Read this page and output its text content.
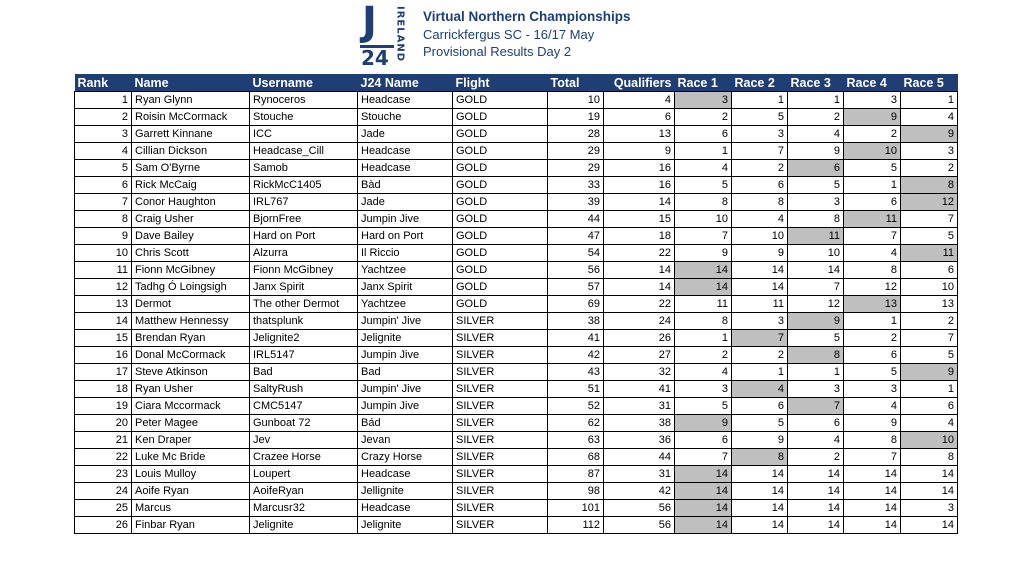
J
24 IRELAND Virtual Northern Championships
Carrickfergus SC - 16/17 May
Provisional Results Day 2
Rank	Name	Username	J24 Name	Flight	Total	Qualifiers	Race 1	Race 2	Race 3	Race 4	Race 5
1	Ryan Glynn	Rynoceros	Headcase	GOLD	10	4	3	1	1	3	1
2	Roisin McCormack	Stouche	Stouche	GOLD	19	6	2	5	2	9	4
3	Garrett Kinnane	ICC	Jade	GOLD	28	13	6	3	4	2	9
4	Cillian Dickson	Headcase_Cill	Headcase	GOLD	29	9	1	7	9	10	3
5	Sam O'Byrne	Samob	Headcase	GOLD	29	16	4	2	6	5	2
6	Rick McCaig	RickMcC1405	Bàd	GOLD	33	16	5	6	5	1	8
7	Conor Haughton	IRL767	Jade	GOLD	39	14	8	8	3	6	12
8	Craig Usher	BjornFree	Jumpin Jive	GOLD	44	15	10	4	8	11	7
9	Dave Bailey	Hard on Port	Hard on Port	GOLD	47	18	7	10	11	7	5
10	Chris Scott	Alzurra	Il Riccio	GOLD	54	22	9	9	10	4	11
11	Fionn McGibney	Fionn McGibney	Yachtzee	GOLD	56	14	14	14	14	8	6
12	Tadhg Ó Loingsigh	Janx Spirit	Janx Spirit	GOLD	57	14	14	14	7	12	10
13	Dermot	The other Dermot	Yachtzee	GOLD	69	22	11	11	12	13	13
14	Matthew Hennessy	thatsplunk	Jumpin' Jive	SILVER	38	24	8	3	9	1	2
15	Brendan Ryan	Jelignite2	Jelignite	SILVER	41	26	1	7	5	2	7
16	Donal McCormack	IRL5147	Jumpin Jive	SILVER	42	27	2	2	8	6	5
17	Steve Atkinson	Bad	Bad	SILVER	43	32	4	1	1	5	9
18	Ryan Usher	SaltyRush	Jumpin' Jive	SILVER	51	41	3	4	3	3	1
19	Ciara Mccormack	CMC5147	Jumpin Jive	SILVER	52	31	5	6	7	4	6
20	Peter Magee	Gunboat 72	Bád	SILVER	62	38	9	5	6	9	4
21	Ken Draper	Jev	Jevan	SILVER	63	36	6	9	4	8	10
22	Luke Mc Bride	Crazee Horse	Crazy Horse	SILVER	68	44	7	8	2	7	8
23	Louis Mulloy	Loupert	Headcase	SILVER	87	31	14	14	14	14	14
24	Aoife Ryan	AoifeRyan	Jellignite	SILVER	98	42	14	14	14	14	14
25	Marcus	Marcusr32	Headcase	SILVER	101	56	14	14	14	14	3
26	Finbar Ryan	Jelignite	Jelignite	SILVER	112	56	14	14	14	14	14
